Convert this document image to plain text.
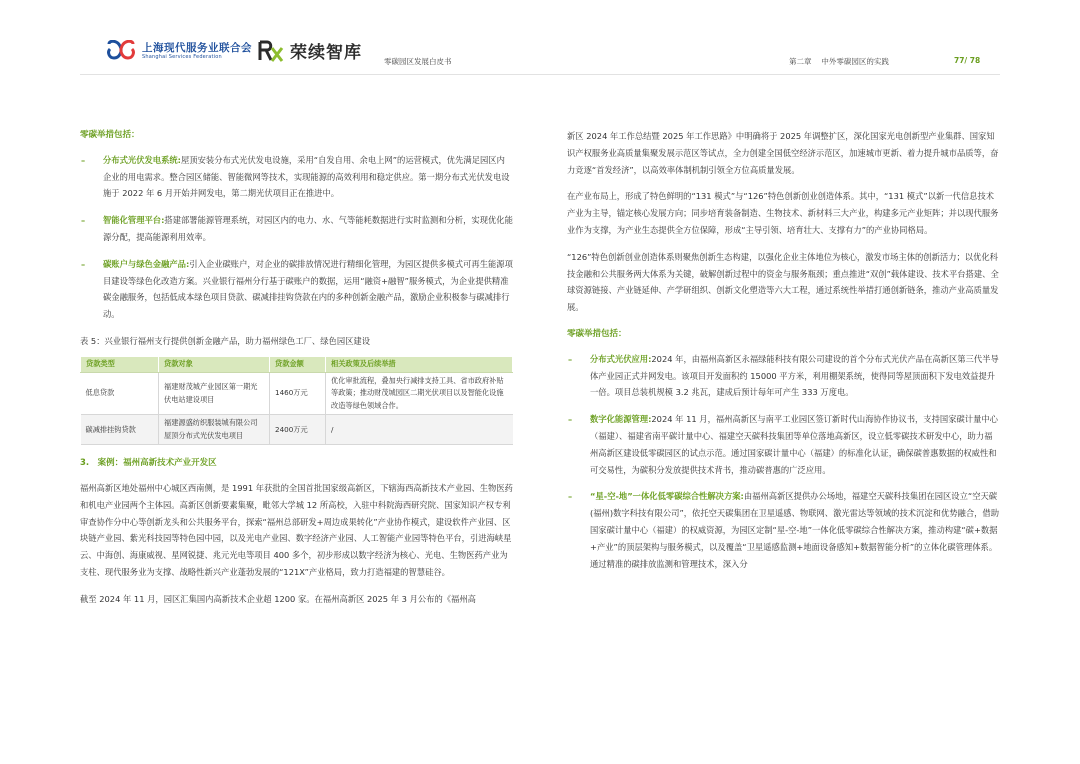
上海现代服务业联合会
Shanghai Services Federation	荣续智库	零碳园区发展白皮书	第二章　 中外零碳园区的实践	77/ 78
零碳举措包括：
– 分布式光伏发电系统:屋顶安装分布式光伏发电设施，采用“自发自用、余电上网”的运营模式，优先满足园区内企业的用电需求。整合园区储能、智能微网等技术，实现能源的高效利用和稳定供应。第一期分布式光伏发电设施于 2022 年 6 月开始并网发电，第二期光伏项目正在推进中。
– 智能化管理平台:搭建部署能源管理系统，对园区内的电力、水、气等能耗数据进行实时监测和分析，实现优化能源分配，提高能源利用效率。
– 碳账户与绿色金融产品:引入企业碳账户，对企业的碳排放情况进行精细化管理，为园区提供多模式可再生能源项目建设等绿色化改造方案。兴业银行福州分行基于碳账户的数据，运用“融资+融智”服务模式，为企业提供精准碳金融服务，包括低成本绿色项目贷款、碳减排挂钩贷款在内的多种创新金融产品，激励企业积极参与碳减排行动。
表 5：兴业银行福州支行提供创新金融产品，助力福州绿色工厂、绿色园区建设
贷款类型	贷款对象	贷款金额	相关政策及后续举措
低息贷款	福建财茂城产业园区第一期光伏电站建设项目	1460万元	优化审批流程，叠加央行减排支持工具、省市政府补贴等政策；推动财茂城园区二期光伏项目以及智能化设施改造等绿色领域合作。
碳减排挂钩贷款	福建源盛纺织服装城有限公司屋顶分布式光伏发电项目	2400万元	/
3.　案例：福州高新技术产业开发区

福州高新区地处福州中心城区西南侧，是 1991 年获批的全国首批国家级高新区，下辖海西高新技术产业园、生物医药和机电产业园两个主体园。高新区创新要素集聚，毗邻大学城 12 所高校，入驻中科院海西研究院、国家知识产权专利审查协作分中心等创新龙头和公共服务平台，探索“福州总部研发+周边成果转化”产业协作模式，建设软件产业园、区块链产业园、紫光科技园等特色园中园，以及光电产业园、数字经济产业园、人工智能产业园等特色平台，引进海峡星云、中海创、海康威视、星网锐捷、兆元光电等项目 400 多个，初步形成以数字经济为核心、光电、生物医药产业为支柱、现代服务业为支撑、战略性新兴产业蓬勃发展的“121X”产业格局，致力打造福建的智慧硅谷。

截至 2024 年 11 月，园区汇集国内高新技术企业超 1200 家。在福州高新区 2025 年 3 月公布的《福州高

新区 2024 年工作总结暨 2025 年工作思路》中明确将于 2025 年调整扩区，深化国家光电创新型产业集群、国家知识产权服务业高质量集聚发展示范区等试点，全力创建全国低空经济示范区，加速城市更新、着力提升城市品质等，奋力竞逐“首发经济”，以高效率体制机制引领全方位高质量发展。

在产业布局上，形成了特色鲜明的“131 模式”与“126”特色创新创业创造体系。其中，“131 模式”以新一代信息技术产业为主导，锚定核心发展方向；同步培育装备制造、生物技术、新材料三大产业，构建多元产业矩阵；并以现代服务业作为支撑，为产业生态提供全方位保障，形成“主导引领、培育壮大、支撑有力”的产业协同格局。

“126”特色创新创业创造体系则聚焦创新生态构建，以强化企业主体地位为核心，激发市场主体的创新活力；以优化科技金融和公共服务两大体系为关键，破解创新过程中的资金与服务瓶颈；重点推进“双创”载体建设、技术平台搭建、全球资源链接、产业链延伸、产学研组织、创新文化塑造等六大工程，通过系统性举措打通创新链条，推动产业高质量发展。

零碳举措包括：
– 分布式光伏应用:2024 年，由福州高新区永福绿能科技有限公司建设的首个分布式光伏产品在高新区第三代半导体产业园正式并网发电。该项目开发面积约 15000 平方米，利用棚架系统，使得同等屋顶面积下发电效益提升一倍。项目总装机规模 3.2 兆瓦，建成后预计每年可产生 333 万度电。
– 数字化能源管理:2024 年 11 月，福州高新区与南平工业园区签订新时代山海协作协议书，支持国家碳计量中心（福建）、福建省南平碳计量中心、福建空天碳科技集团等单位落地高新区，设立低零碳技术研发中心，助力福州高新区建设低零碳园区的试点示范。通过国家碳计量中心（福建）的标准化认证，确保碳普惠数据的权威性和可交易性，为碳积分发放提供技术背书，推动碳普惠的广泛应用。
– “星-空-地”一体化低零碳综合性解决方案:由福州高新区提供办公场地，福建空天碳科技集团在园区设立“空天碳(福州)数字科技有限公司”，依托空天碳集团在卫星遥感、物联网、激光雷达等领域的技术沉淀和优势融合，借助国家碳计量中心（福建）的权威资源，为园区定制“星-空-地”一体化低零碳综合性解决方案，推动构建“碳+数据+产业”的顶层架构与服务模式，以及覆盖“卫星遥感监测+地面设备感知+数据智能分析”的立体化碳管理体系。通过精准的碳排放监测和管理技术，深入分
